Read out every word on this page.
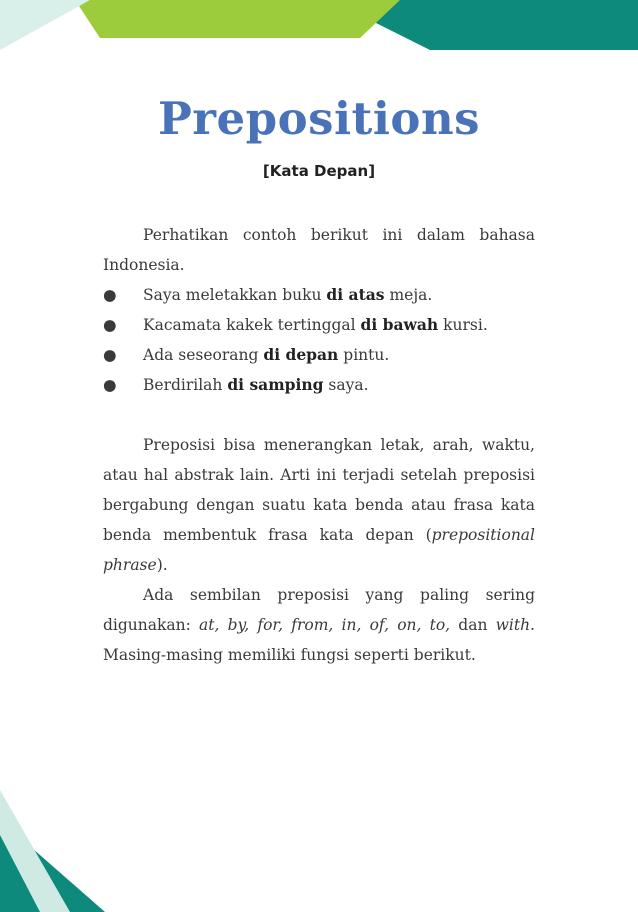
Prepositions
[Kata Depan]

Perhatikan contoh berikut ini dalam bahasa Indonesia.

● Saya meletakkan buku di atas meja.
● Kacamata kakek tertinggal di bawah kursi.
● Ada seseorang di depan pintu.
● Berdirilah di samping saya.

Preposisi bisa menerangkan letak, arah, waktu, atau hal abstrak lain. Arti ini terjadi setelah preposisi bergabung dengan suatu kata benda atau frasa kata benda membentuk frasa kata depan (prepositional phrase).

Ada sembilan preposisi yang paling sering digunakan: at, by, for, from, in, of, on, to, dan with. Masing-masing memiliki fungsi seperti berikut.
